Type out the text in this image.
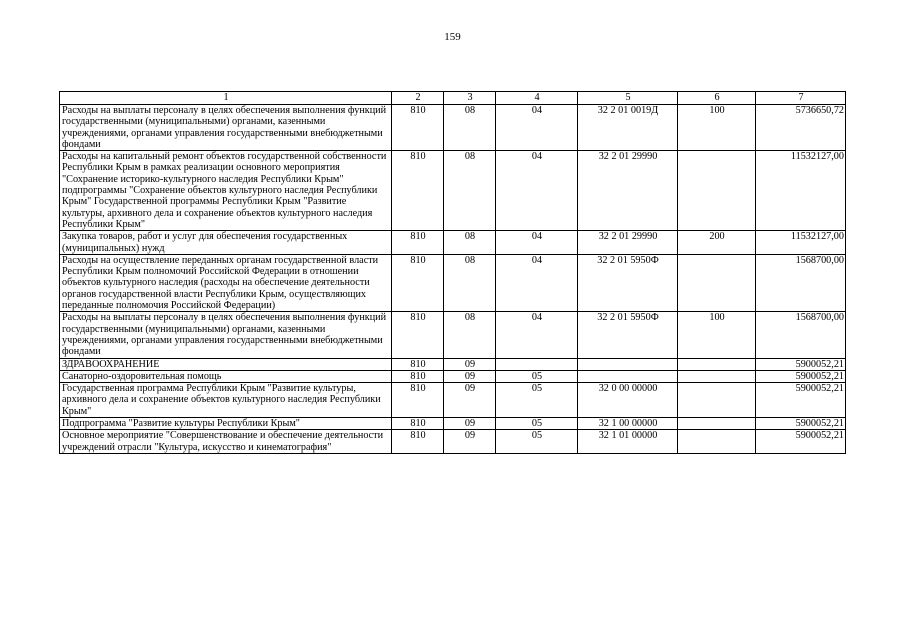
159
1	2	3	4	5	6	7
Расходы на выплаты персоналу в целях обеспечения выполнения функций государственными (муниципальными) органами, казенными учреждениями, органами управления государственными внебюджетными фондами	810	08	04	32 2 01 0019Д	100	5736650,72
Расходы на капитальный ремонт объектов государственной собственности Республики Крым в рамках реализации основного мероприятия "Сохранение историко-культурного наследия Республики Крым" подпрограммы "Сохранение объектов культурного наследия Республики Крым" Государственной программы Республики Крым "Развитие культуры, архивного дела и сохранение объектов культурного наследия Республики Крым"	810	08	04	32 2 01 29990		11532127,00
Закупка товаров, работ и услуг для обеспечения государственных (муниципальных) нужд	810	08	04	32 2 01 29990	200	11532127,00
Расходы на осуществление переданных органам государственной власти Республики Крым полномочий Российской Федерации в отношении объектов культурного наследия (расходы на обеспечение деятельности органов государственной власти Республики Крым, осуществляющих переданные полномочия Российской Федерации)	810	08	04	32 2 01 5950Ф		1568700,00
Расходы на выплаты персоналу в целях обеспечения выполнения функций государственными (муниципальными) органами, казенными учреждениями, органами управления государственными внебюджетными фондами	810	08	04	32 2 01 5950Ф	100	1568700,00
ЗДРАВООХРАНЕНИЕ	810	09				5900052,21
Санаторно-оздоровительная помощь	810	09	05			5900052,21
Государственная программа Республики Крым "Развитие культуры, архивного дела и сохранение объектов культурного наследия Республики Крым"	810	09	05	32 0 00 00000		5900052,21
Подпрограмма "Развитие культуры Республики Крым"	810	09	05	32 1 00 00000		5900052,21
Основное мероприятие "Совершенствование и обеспечение деятельности учреждений отрасли "Культура, искусство и кинематография"	810	09	05	32 1 01 00000		5900052,21
